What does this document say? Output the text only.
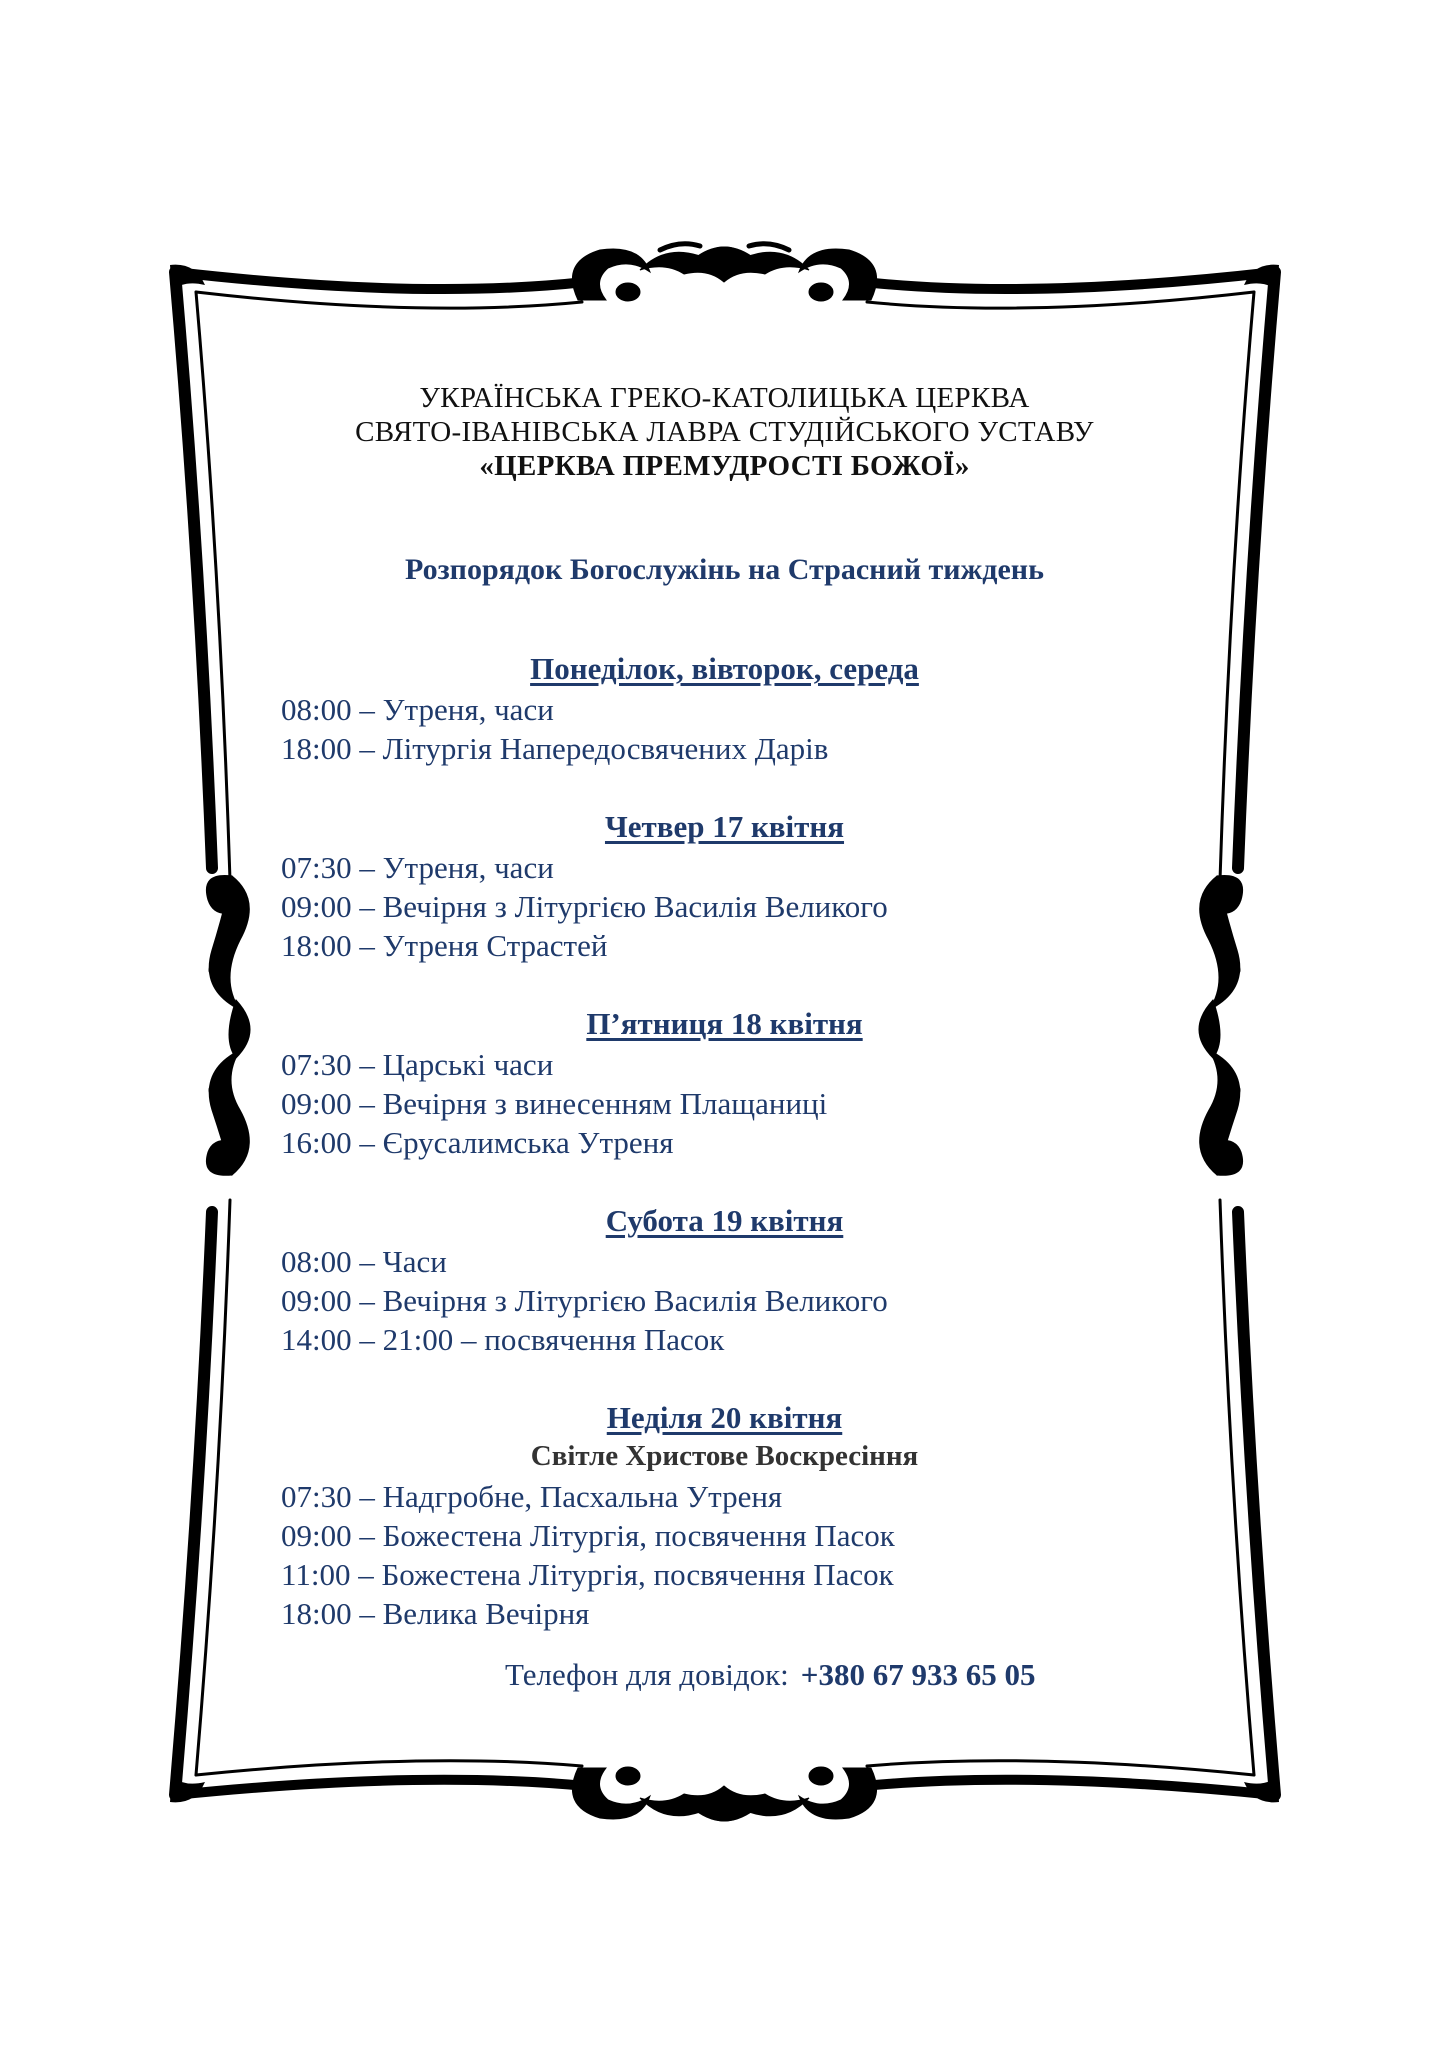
УКРАЇНСЬКА ГРЕКО-КАТОЛИЦЬКА ЦЕРКВА
СВЯТО-ІВАНІВСЬКА ЛАВРА СТУДІЙСЬКОГО УСТАВУ
«ЦЕРКВА ПРЕМУДРОСТІ БОЖОЇ»
Розпорядок Богослужінь на Страсний тиждень
Понеділок, вівторок, середа
08:00 – Утреня, часи
18:00 – Літургія Напередосвячених Дарів
Четвер 17 квітня
07:30 – Утреня, часи
09:00 – Вечірня з Літургією Василія Великого
18:00 – Утреня Страстей
П’ятниця 18 квітня
07:30 – Царські часи
09:00 – Вечірня з винесенням Плащаниці
16:00 – Єрусалимська Утреня
Субота 19 квітня
08:00 – Часи
09:00 – Вечірня з Літургією Василія Великого
14:00 – 21:00 – посвячення Пасок
Неділя 20 квітня
Світле Христове Воскресіння
07:30 – Надгробне, Пасхальна Утреня
09:00 – Божестена Літургія, посвячення Пасок
11:00 – Божестена Літургія, посвячення Пасок
18:00 – Велика Вечірня
Телефон для довідок: +380 67 933 65 05
